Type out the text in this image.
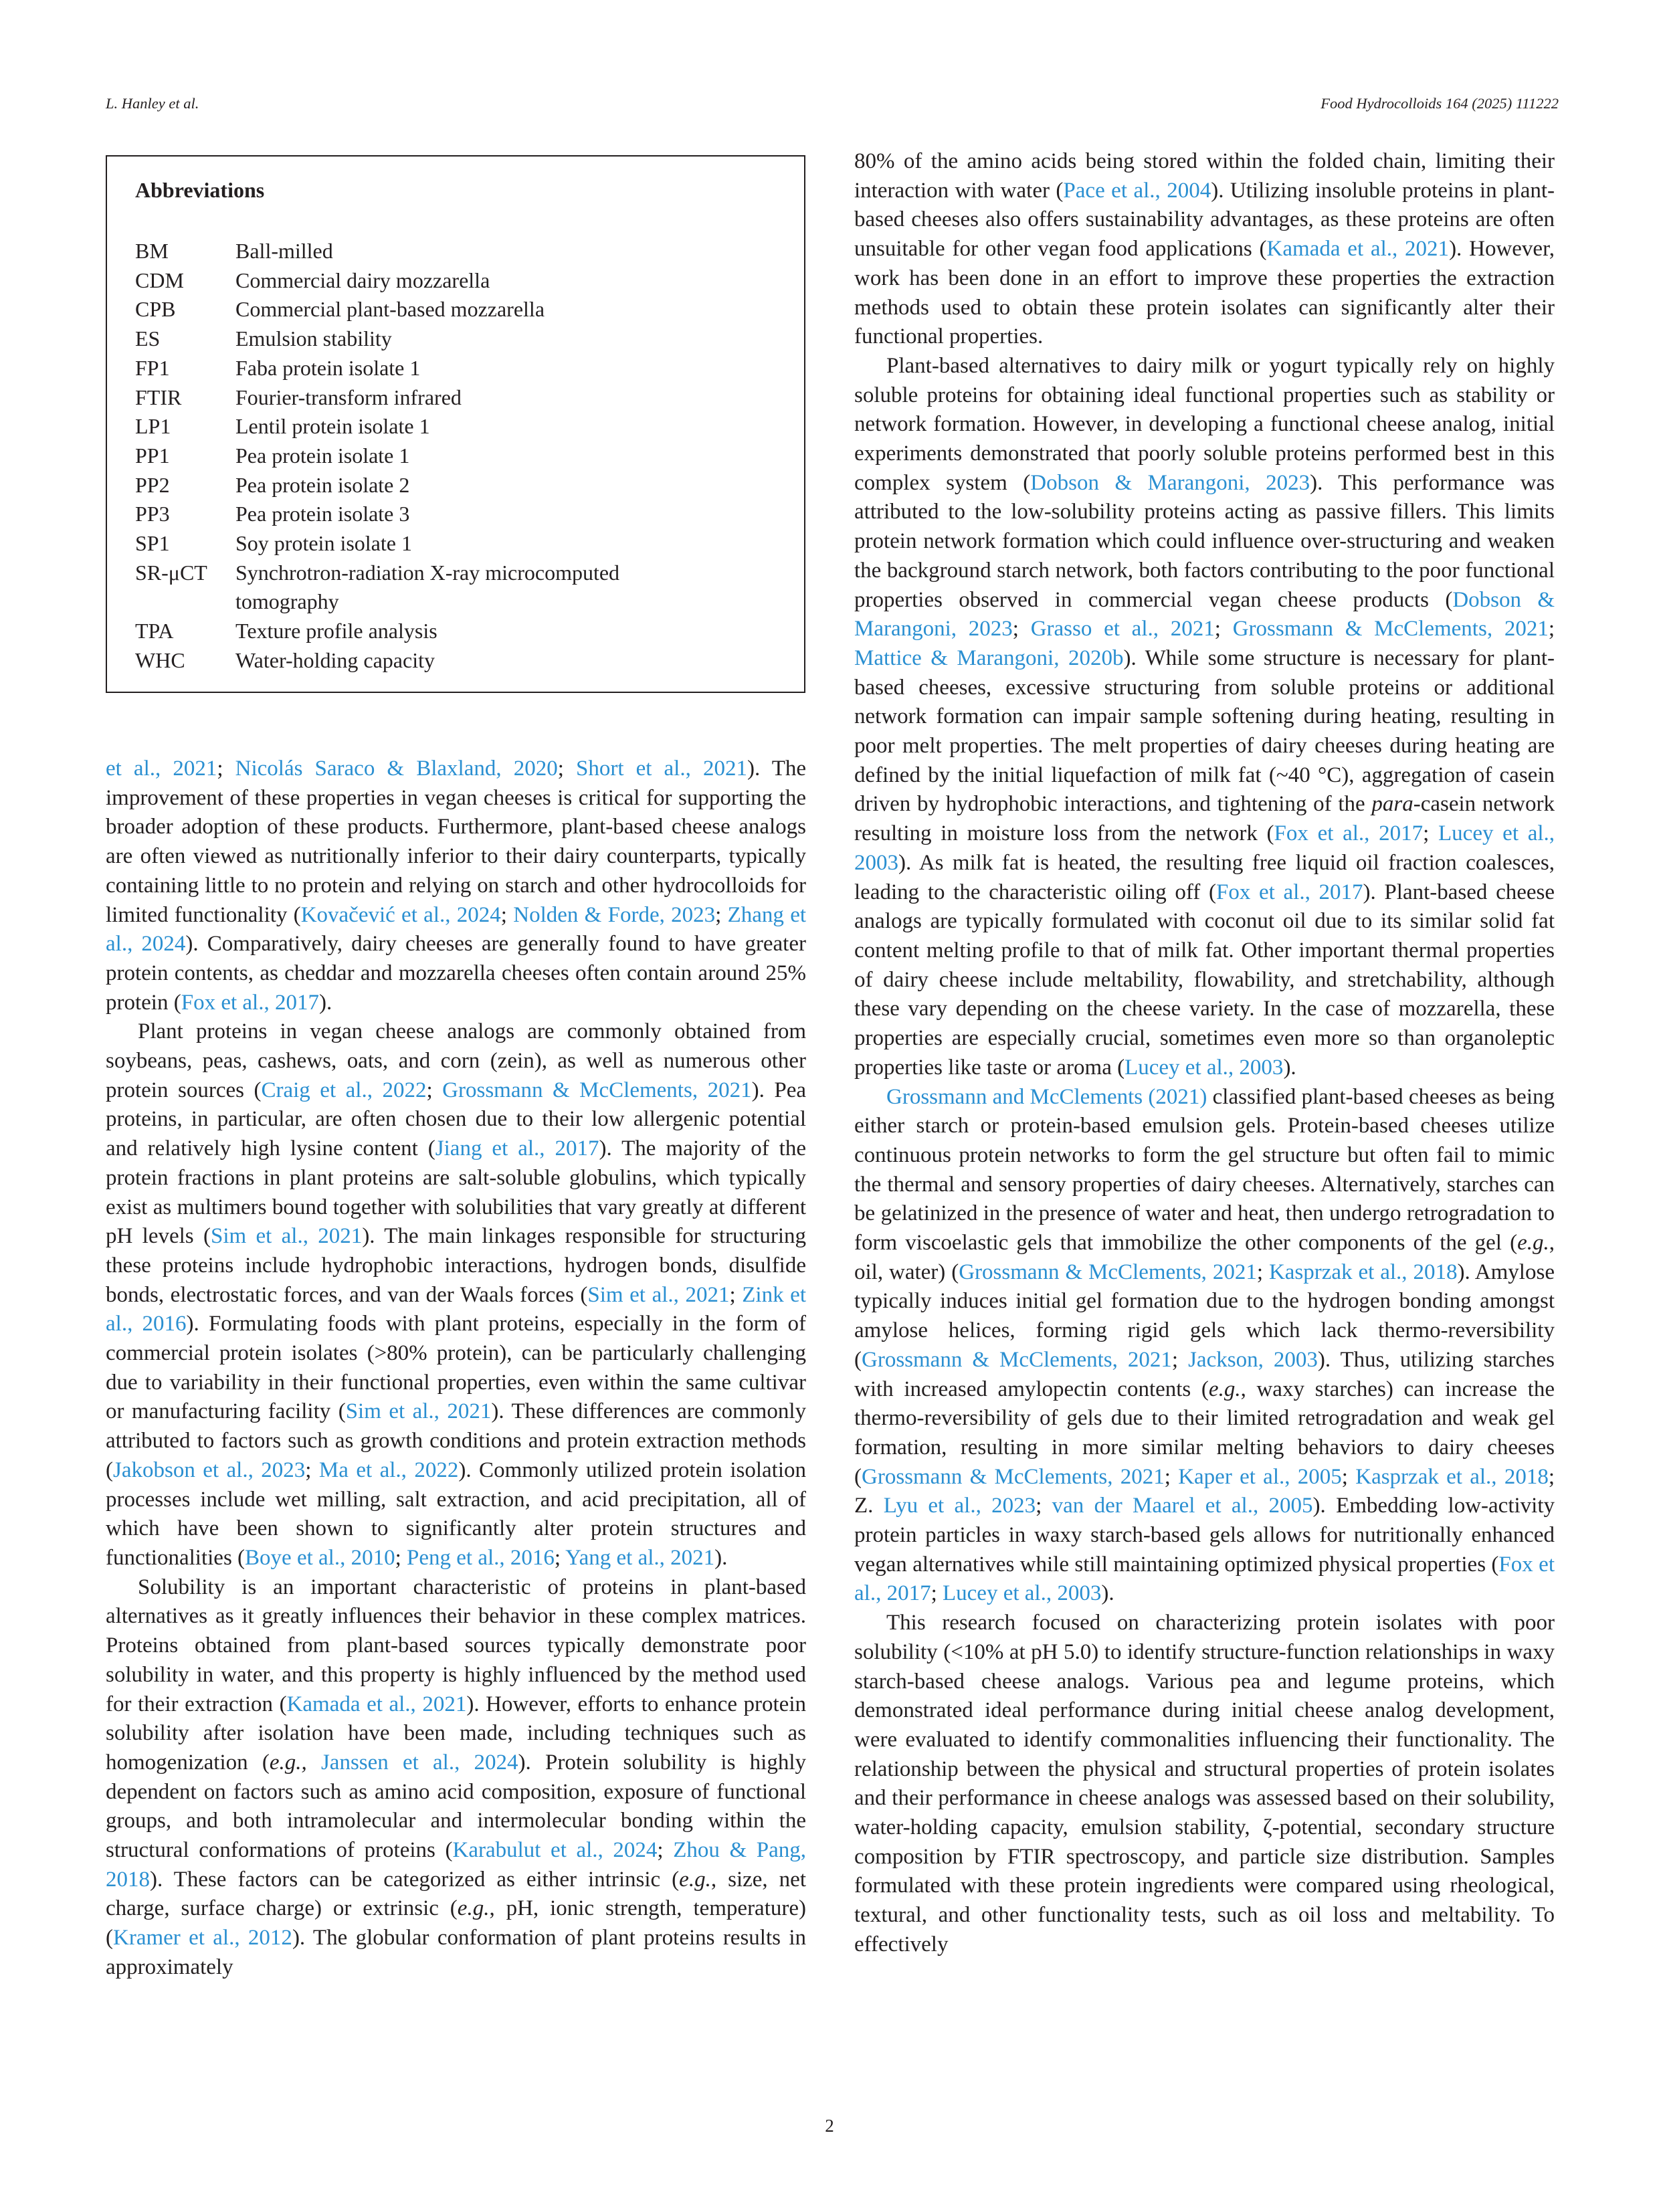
L. Hanley et al.	Food Hydrocolloids 164 (2025) 111222
Abbreviations
BM	Ball-milled
CDM	Commercial dairy mozzarella
CPB	Commercial plant-based mozzarella
ES	Emulsion stability
FP1	Faba protein isolate 1
FTIR	Fourier-transform infrared
LP1	Lentil protein isolate 1
PP1	Pea protein isolate 1
PP2	Pea protein isolate 2
PP3	Pea protein isolate 3
SP1	Soy protein isolate 1
SR-μCT	Synchrotron-radiation X-ray microcomputed tomography
TPA	Texture profile analysis
WHC	Water-holding capacity

et al., 2021; Nicolás Saraco & Blaxland, 2020; Short et al., 2021). The improvement of these properties in vegan cheeses is critical for supporting the broader adoption of these products. Furthermore, plant-based cheese analogs are often viewed as nutritionally inferior to their dairy counterparts, typically containing little to no protein and relying on starch and other hydrocolloids for limited functionality (Kovačević et al., 2024; Nolden & Forde, 2023; Zhang et al., 2024). Comparatively, dairy cheeses are generally found to have greater protein contents, as cheddar and mozzarella cheeses often contain around 25% protein (Fox et al., 2017).

Plant proteins in vegan cheese analogs are commonly obtained from soybeans, peas, cashews, oats, and corn (zein), as well as numerous other protein sources (Craig et al., 2022; Grossmann & McClements, 2021). Pea proteins, in particular, are often chosen due to their low allergenic potential and relatively high lysine content (Jiang et al., 2017). The majority of the protein fractions in plant proteins are salt-soluble globulins, which typically exist as multimers bound together with solubilities that vary greatly at different pH levels (Sim et al., 2021). The main linkages responsible for structuring these proteins include hydrophobic interactions, hydrogen bonds, disulfide bonds, electrostatic forces, and van der Waals forces (Sim et al., 2021; Zink et al., 2016). Formulating foods with plant proteins, especially in the form of commercial protein isolates (>80% protein), can be particularly challenging due to variability in their functional properties, even within the same cultivar or manufacturing facility (Sim et al., 2021). These differences are commonly attributed to factors such as growth conditions and protein extraction methods (Jakobson et al., 2023; Ma et al., 2022). Commonly utilized protein isolation processes include wet milling, salt extraction, and acid precipitation, all of which have been shown to significantly alter protein structures and functionalities (Boye et al., 2010; Peng et al., 2016; Yang et al., 2021).

Solubility is an important characteristic of proteins in plant-based alternatives as it greatly influences their behavior in these complex matrices. Proteins obtained from plant-based sources typically demonstrate poor solubility in water, and this property is highly influenced by the method used for their extraction (Kamada et al., 2021). However, efforts to enhance protein solubility after isolation have been made, including techniques such as homogenization (e.g., Janssen et al., 2024). Protein solubility is highly dependent on factors such as amino acid composition, exposure of functional groups, and both intramolecular and intermolecular bonding within the structural conformations of proteins (Karabulut et al., 2024; Zhou & Pang, 2018). These factors can be categorized as either intrinsic (e.g., size, net charge, surface charge) or extrinsic (e.g., pH, ionic strength, temperature) (Kramer et al., 2012). The globular conformation of plant proteins results in approximately

80% of the amino acids being stored within the folded chain, limiting their interaction with water (Pace et al., 2004). Utilizing insoluble proteins in plant-based cheeses also offers sustainability advantages, as these proteins are often unsuitable for other vegan food applications (Kamada et al., 2021). However, work has been done in an effort to improve these properties the extraction methods used to obtain these protein isolates can significantly alter their functional properties.

Plant-based alternatives to dairy milk or yogurt typically rely on highly soluble proteins for obtaining ideal functional properties such as stability or network formation. However, in developing a functional cheese analog, initial experiments demonstrated that poorly soluble proteins performed best in this complex system (Dobson & Marangoni, 2023). This performance was attributed to the low-solubility proteins acting as passive fillers. This limits protein network formation which could influence over-structuring and weaken the background starch network, both factors contributing to the poor functional properties observed in commercial vegan cheese products (Dobson & Marangoni, 2023; Grasso et al., 2021; Grossmann & McClements, 2021; Mattice & Marangoni, 2020b). While some structure is necessary for plant-based cheeses, excessive structuring from soluble proteins or additional network formation can impair sample softening during heating, resulting in poor melt properties. The melt properties of dairy cheeses during heating are defined by the initial liquefaction of milk fat (~40 °C), aggregation of casein driven by hydrophobic interactions, and tightening of the para-casein network resulting in moisture loss from the network (Fox et al., 2017; Lucey et al., 2003). As milk fat is heated, the resulting free liquid oil fraction coalesces, leading to the characteristic oiling off (Fox et al., 2017). Plant-based cheese analogs are typically formulated with coconut oil due to its similar solid fat content melting profile to that of milk fat. Other important thermal properties of dairy cheese include meltability, flowability, and stretchability, although these vary depending on the cheese variety. In the case of mozzarella, these properties are especially crucial, sometimes even more so than organoleptic properties like taste or aroma (Lucey et al., 2003).

Grossmann and McClements (2021) classified plant-based cheeses as being either starch or protein-based emulsion gels. Protein-based cheeses utilize continuous protein networks to form the gel structure but often fail to mimic the thermal and sensory properties of dairy cheeses. Alternatively, starches can be gelatinized in the presence of water and heat, then undergo retrogradation to form viscoelastic gels that immobilize the other components of the gel (e.g., oil, water) (Grossmann & McClements, 2021; Kasprzak et al., 2018). Amylose typically induces initial gel formation due to the hydrogen bonding amongst amylose helices, forming rigid gels which lack thermo-reversibility (Grossmann & McClements, 2021; Jackson, 2003). Thus, utilizing starches with increased amylopectin contents (e.g., waxy starches) can increase the thermo-reversibility of gels due to their limited retrogradation and weak gel formation, resulting in more similar melting behaviors to dairy cheeses (Grossmann & McClements, 2021; Kaper et al., 2005; Kasprzak et al., 2018; Z. Lyu et al., 2023; van der Maarel et al., 2005). Embedding low-activity protein particles in waxy starch-based gels allows for nutritionally enhanced vegan alternatives while still maintaining optimized physical properties (Fox et al., 2017; Lucey et al., 2003).

This research focused on characterizing protein isolates with poor solubility (<10% at pH 5.0) to identify structure-function relationships in waxy starch-based cheese analogs. Various pea and legume proteins, which demonstrated ideal performance during initial cheese analog development, were evaluated to identify commonalities influencing their functionality. The relationship between the physical and structural properties of protein isolates and their performance in cheese analogs was assessed based on their solubility, water-holding capacity, emulsion stability, ζ-potential, secondary structure composition by FTIR spectroscopy, and particle size distribution. Samples formulated with these protein ingredients were compared using rheological, textural, and other functionality tests, such as oil loss and meltability. To effectively

2
